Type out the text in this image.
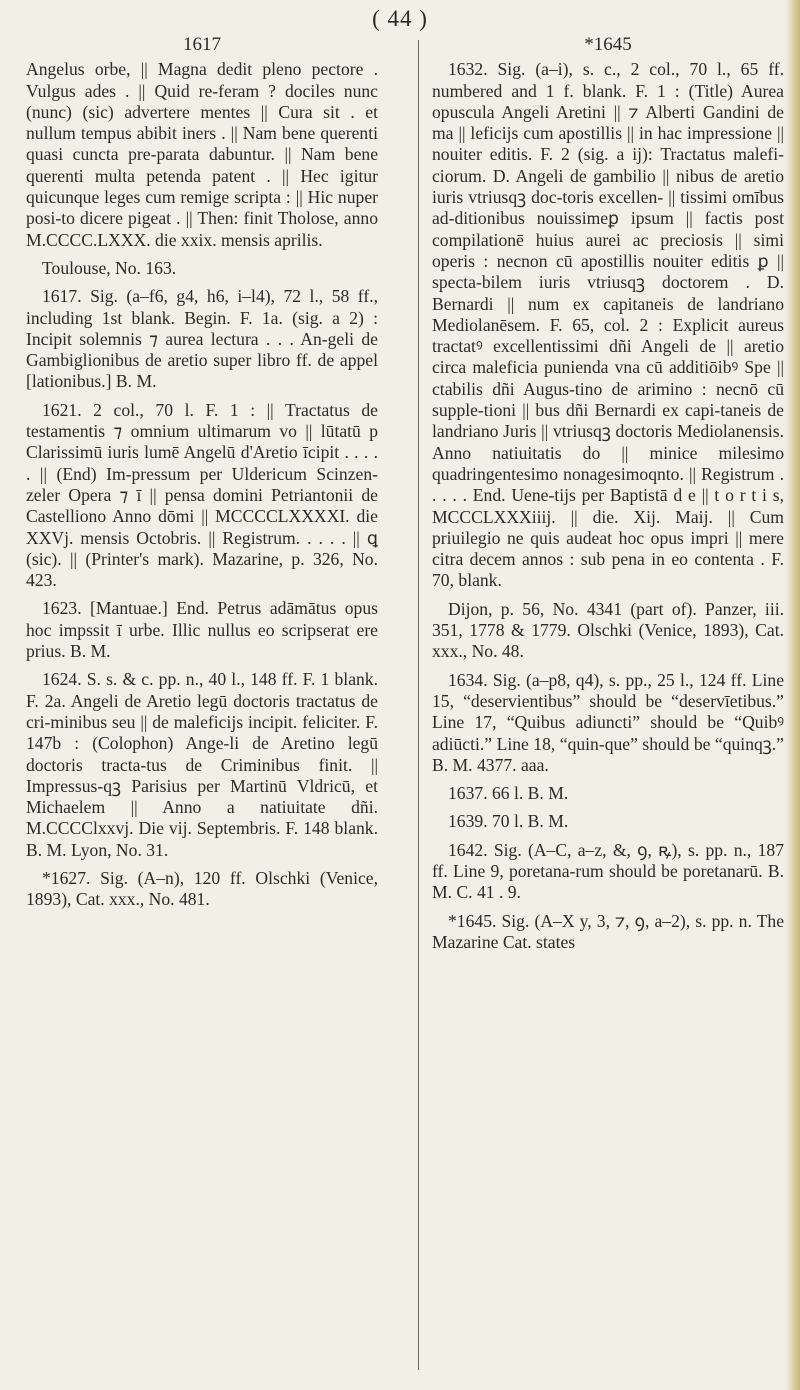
( 44 )
1617

Angelus orbe, || Magna dedit pleno pectore . Vulgus ades . || Quid re-feram ? dociles nunc (nunc) (sic) advertere mentes || Cura sit . et nullum tempus abibit iners . || Nam bene querenti quasi cuncta pre-parata dabuntur. || Nam bene querenti multa petenda patent . || Hec igitur quicunque leges cum remige scripta : || Hic nuper posi-to dicere pigeat . || Then: finit Tholose, anno M.CCCC.LXXX. die xxix. mensis aprilis.

Toulouse, No. 163.

1617. Sig. (a–f6, g4, h6, i–l4), 72 l., 58 ff., including 1st blank. Begin. F. 1a. (sig. a 2) : Incipit solemnis ⁊ aurea lectura . . . An-geli de Gambiglionibus de aretio super libro ff. de appel [lationibus.] B. M.

1621. 2 col., 70 l. F. 1 : || Tractatus de testamentis ⁊ omnium ultimarum vo || lūtatū p Clarissimū iuris lumē Angelū d'Aretio īcipit . . . . . || (End) Im-pressum per Uldericum Scinzen-zeler Opera ⁊ ī || pensa domini Petriantonii de Castelliono Anno dōmi || MCCCCLXXXXI. die XXVj. mensis Octobris. || Registrum. . . . . || ꝗ (sic). || (Printer's mark). Mazarine, p. 326, No. 423.

1623. [Mantuae.] End. Petrus adāmātus opus hoc impssit ī urbe. Illic nullus eo scripserat ere prius. B. M.

1624. S. s. & c. pp. n., 40 l., 148 ff. F. 1 blank. F. 2a. Angeli de Aretio legū doctoris tractatus de cri-minibus seu || de maleficijs incipit. feliciter. F. 147b : (Colophon) Ange-li de Aretino legū doctoris tracta-tus de Criminibus finit. || Impressus-qꝫ Parisius per Martinū Vldricū, et Michaelem || Anno a natiuitate dñi. M.CCCClxxvj. Die vij. Septembris. F. 148 blank. B. M. Lyon, No. 31.

*1627. Sig. (A–n), 120 ff. Olschki (Venice, 1893), Cat. xxx., No. 481.

*1645

1632. Sig. (a–i), s. c., 2 col., 70 l., 65 ff. numbered and 1 f. blank. F. 1 : (Title) Aurea opuscula Angeli Aretini || ⁊ Alberti Gandini de ma || leficijs cum apostillis || in hac impressione || nouiter editis. F. 2 (sig. a ij): Tractatus malefi-ciorum. D. Angeli de gambilio || nibus de aretio iuris vtriusqꝫ doc-toris excellen- || tissimi omībus ad-ditionibus nouissimeꝑ ipsum || factis post compilationē huius aurei ac preciosis || simi operis : necnon cū apostillis nouiter editis ꝑ || specta-bilem iuris vtriusqꝫ doctorem . D. Bernardi || num ex capitaneis de landriano Mediolanēsem. F. 65, col. 2 : Explicit aureus tractatꝰ excellentissimi dñi Angeli de || aretio circa maleficia punienda vna cū additiōibꝰ Spe || ctabilis dñi Augus-tino de arimino : necnō cū supple-tioni || bus dñi Bernardi ex capi-taneis de landriano Juris || vtriusqꝫ doctoris Mediolanensis. Anno natiuitatis do || minice milesimo quadringentesimo nonagesimoqnto. || Registrum . . . . . End. Uene-tijs per Baptistā d e || t o r t i s, MCCCLXXXiiij. || die. Xij. Maij. || Cum priuilegio ne quis audeat hoc opus impri || mere citra decem annos : sub pena in eo contenta . F. 70, blank.

Dijon, p. 56, No. 4341 (part of). Panzer, iii. 351, 1778 & 1779. Olschki (Venice, 1893), Cat. xxx., No. 48.

1634. Sig. (a–p8, q4), s. pp., 25 l., 124 ff. Line 15, “deservientibus” should be “deservīetibus.” Line 17, “Quibus adiuncti” should be “Quibꝰ adiūcti.” Line 18, “quin-que” should be “quinqꝫ.” B. M. 4377. aaa.

1637. 66 l. B. M.

1639. 70 l. B. M.

1642. Sig. (A–C, a–z, &, ꝯ, ꝶ), s. pp. n., 187 ff. Line 9, poretana-rum should be poretanarū. B. M. C. 41 . 9.

*1645. Sig. (A–X y, 3, ⁊, ꝯ, a–2), s. pp. n. The Mazarine Cat. states
